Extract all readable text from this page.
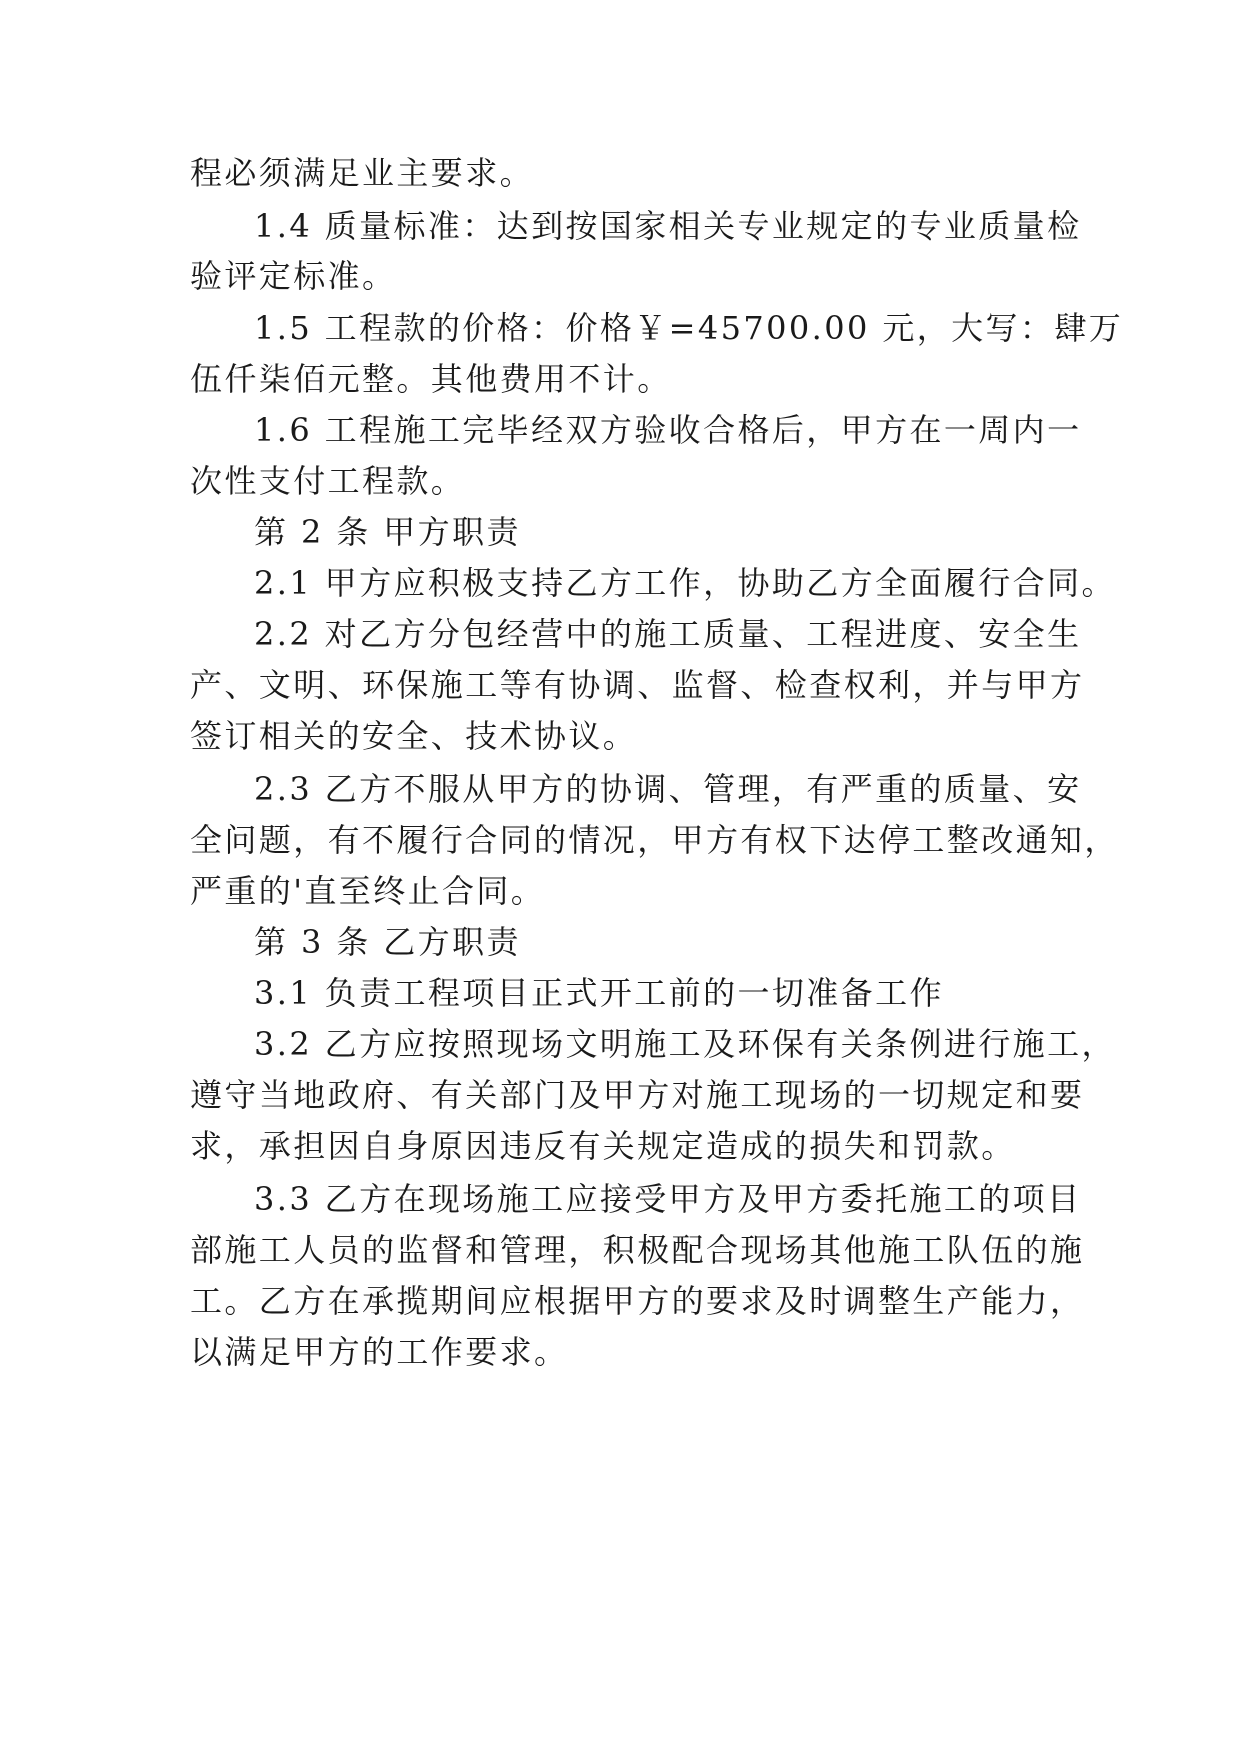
程必须满足业主要求。
1.4 质量标准：达到按国家相关专业规定的专业质量检
验评定标准。
1.5 工程款的价格：价格￥=45700.00 元，大写：肆万
伍仟柒佰元整。其他费用不计。
1.6 工程施工完毕经双方验收合格后，甲方在一周内一
次性支付工程款。
第 2 条 甲方职责
2.1 甲方应积极支持乙方工作，协助乙方全面履行合同。
2.2 对乙方分包经营中的施工质量、工程进度、安全生
产、文明、环保施工等有协调、监督、检查权利，并与甲方
签订相关的安全、技术协议。
2.3 乙方不服从甲方的协调、管理，有严重的质量、安
全问题，有不履行合同的情况，甲方有权下达停工整改通知，
严重的'直至终止合同。
第 3 条 乙方职责
3.1 负责工程项目正式开工前的一切准备工作
3.2 乙方应按照现场文明施工及环保有关条例进行施工，
遵守当地政府、有关部门及甲方对施工现场的一切规定和要
求，承担因自身原因违反有关规定造成的损失和罚款。
3.3 乙方在现场施工应接受甲方及甲方委托施工的项目
部施工人员的监督和管理，积极配合现场其他施工队伍的施
工。乙方在承揽期间应根据甲方的要求及时调整生产能力，
以满足甲方的工作要求。
